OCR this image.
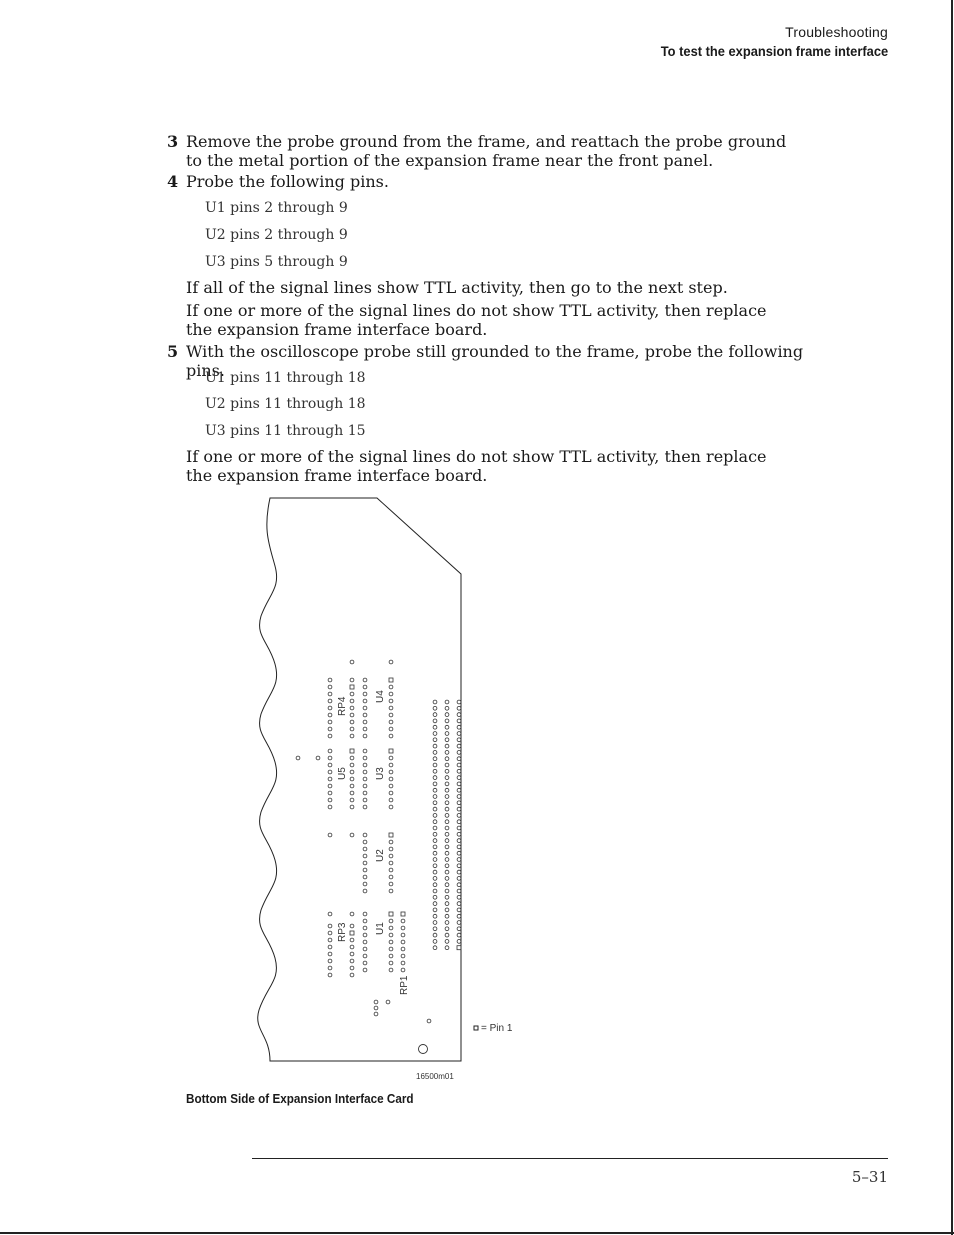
Troubleshooting
To test the expansion frame interface
3 Remove the probe ground from the frame, and reattach the probe ground to the metal portion of the expansion frame near the front panel.
4 Probe the following pins.
U1 pins 2 through 9
U2 pins 2 through 9
U3 pins 5 through 9
If all of the signal lines show TTL activity, then go to the next step.
If one or more of the signal lines do not show TTL activity, then replace the expansion frame interface board.
5 With the oscilloscope probe still grounded to the frame, probe the following pins.
U1 pins 11 through 18
U2 pins 11 through 18
U3 pins 11 through 15
If one or more of the signal lines do not show TTL activity, then replace the expansion frame interface board.
RP4	U4
U5	U3
U2
RP3	U1
RP1
= Pin 1
16500m01
Bottom Side of Expansion Interface Card
5–31
